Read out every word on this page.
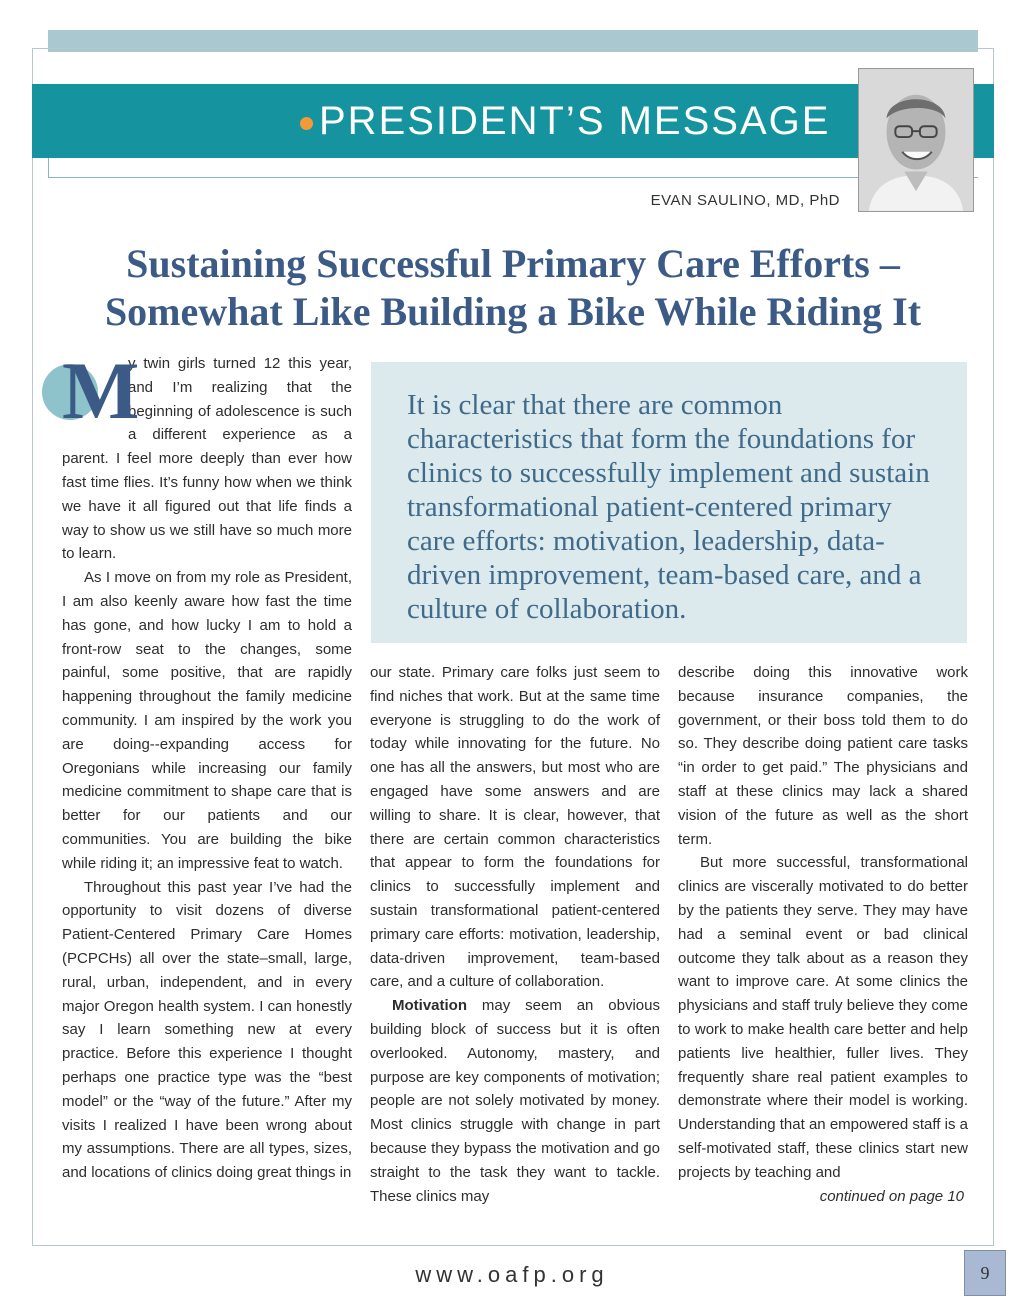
PRESIDENT’S MESSAGE
EVAN SAULINO, MD, PhD
Sustaining Successful Primary Care Efforts –
Somewhat Like Building a Bike While Riding It
It is clear that there are common characteristics that form the foundations for clinics to successfully implement and sustain transformational patient-centered primary care efforts: motivation, leadership, data-driven improvement, team-based care, and a culture of collaboration.
M

y twin girls turned 12 this year, and I’m realizing that the beginning of adolescence is such a different experience as a parent. I feel more deeply than ever how fast time flies. It’s funny how when we think we have it all figured out that life finds a way to show us we still have so much more to learn.

As I move on from my role as President, I am also keenly aware how fast the time has gone, and how lucky I am to hold a front-row seat to the changes, some painful, some positive, that are rapidly happening throughout the family medicine community. I am inspired by the work you are doing--expanding access for Oregonians while increasing our family medicine commitment to shape care that is better for our patients and our communities. You are building the bike while riding it; an impressive feat to watch.

Throughout this past year I’ve had the opportunity to visit dozens of diverse Patient-Centered Primary Care Homes (PCPCHs) all over the state–small, large, rural, urban, independent, and in every major Oregon health system. I can honestly say I learn something new at every practice. Before this experience I thought perhaps one practice type was the “best model” or the “way of the future.” After my visits I realized I have been wrong about my assumptions. There are all types, sizes, and locations of clinics doing great things in

our state. Primary care folks just seem to find niches that work. But at the same time everyone is struggling to do the work of today while innovating for the future. No one has all the answers, but most who are engaged have some answers and are willing to share. It is clear, however, that there are certain common characteristics that appear to form the foundations for clinics to successfully implement and sustain transformational patient-centered primary care efforts: motivation, leadership, data-driven improvement, team-based care, and a culture of collaboration.

Motivation may seem an obvious building block of success but it is often overlooked. Autonomy, mastery, and purpose are key components of motivation; people are not solely motivated by money. Most clinics struggle with change in part because they bypass the motivation and go straight to the task they want to tackle. These clinics may

describe doing this innovative work because insurance companies, the government, or their boss told them to do so. They describe doing patient care tasks “in order to get paid.” The physicians and staff at these clinics may lack a shared vision of the future as well as the short term.

But more successful, transformational clinics are viscerally motivated to do better by the patients they serve. They may have had a seminal event or bad clinical outcome they talk about as a reason they want to improve care. At some clinics the physicians and staff truly believe they come to work to make health care better and help patients live healthier, fuller lives. They frequently share real patient examples to demonstrate where their model is working. Understanding that an empowered staff is a self-motivated staff, these clinics start new projects by teaching and

continued on page 10
www.oafp.org	9
